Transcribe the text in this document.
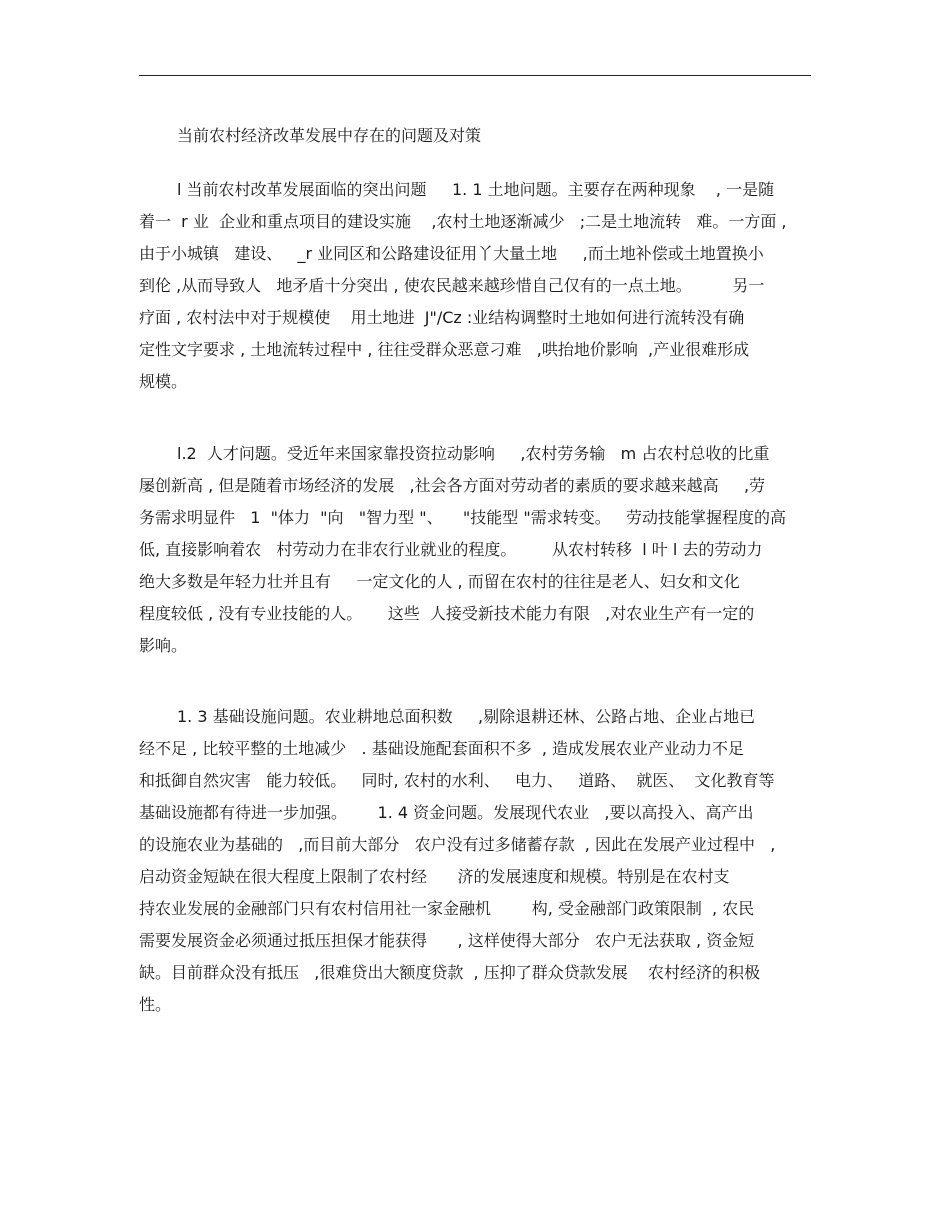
当前农村经济改革发展中存在的问题及对策
l 当前农村改革发展面临的突出问题     1. 1 土地问题。主要存在两种现象    , 一是随
着一  r 业  企业和重点项目的建设实施    ,农村土地逐渐减少   ;二是土地流转   难。一方面 ,
由于小城镇   建设、   _r 业同区和公路建设征用丫大量土地     ,而土地补偿或土地置换小
到伦 ,从而导致人   地矛盾十分突出 , 使农民越来越珍惜自己仅有的一点土地。        另一
疗面 , 农村法中对于规模使    用土地进  J"/Cz :业结构调整时土地如何进行流转没有确
定性文字要求 , 土地流转过程中 , 往往受群众恶意刁难   ,哄抬地价影响  ,产业很难形成
规模。
l.2  人才问题。受近年来国家靠投资拉动影响     ,农村劳务输   m 占农村总收的比重
屡创新高 , 但是随着市场经济的发展   ,社会各方面对劳动者的素质的要求越来越高     ,劳
务需求明显件   1  "体力  "向   "智力型 "、    "技能型 "需求转变。   劳动技能掌握程度的高
低, 直接影响着农   村劳动力在非农行业就业的程度。       从农村转移  l 叶 l 去的劳动力
绝大多数是年轻力壮并且有     一定文化的人 , 而留在农村的往往是老人、妇女和文化
程度较低 , 没有专业技能的人。     这些  人接受新技术能力有限   ,对农业生产有一定的
影响。
1. 3 基础设施问题。农业耕地总面积数     ,剔除退耕还林、公路占地、企业占地已
经不足 , 比较平整的土地减少   . 基础设施配套面积不多  , 造成发展农业产业动力不足
和抵御自然灾害   能力较低。   同时, 农村的水利、   电力、   道路、  就医、  文化教育等
基础设施都有待进一步加强。      1. 4 资金问题。发展现代农业   ,要以高投入、高产出
的设施农业为基础的   ,而目前大部分   农户没有过多储蓄存款  , 因此在发展产业过程中   ,
启动资金短缺在很大程度上限制了农村经      济的发展速度和规模。特别是在农村支
持农业发展的金融部门只有农村信用社一家金融机        构, 受金融部门政策限制  , 农民
需要发展资金必须通过抵压担保才能获得      , 这样使得大部分   农户无法获取 , 资金短
缺。目前群众没有抵压   ,很难贷出大额度贷款  , 压抑了群众贷款发展    农村经济的积极
性。
